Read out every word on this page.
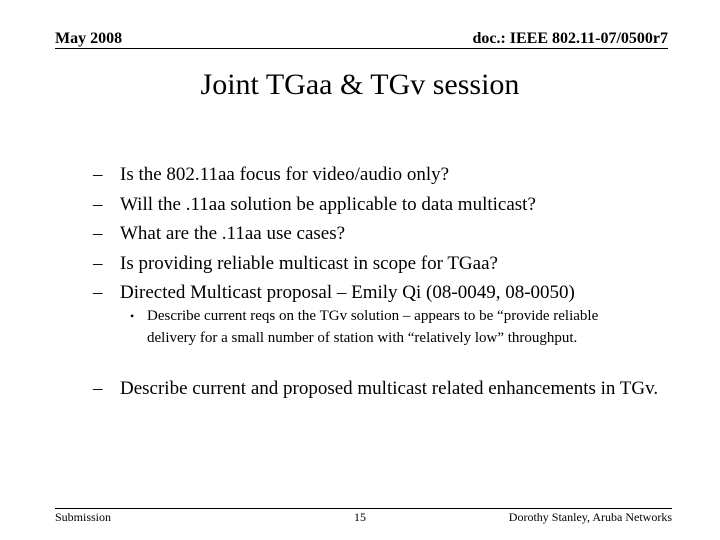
May 2008	doc.: IEEE 802.11-07/0500r7
Joint TGaa & TGv session
– Is the 802.11aa focus for video/audio only?
– Will the .11aa solution be applicable to data multicast?
– What are the .11aa use cases?
– Is providing reliable multicast in scope for TGaa?
– Directed Multicast proposal – Emily Qi (08-0049, 08-0050)
• Describe current reqs on the TGv solution – appears to be “provide reliable delivery for a small number of station with “relatively low” throughput.
– Describe current and proposed multicast related enhancements in TGv.
Submission	15	Dorothy Stanley, Aruba Networks
